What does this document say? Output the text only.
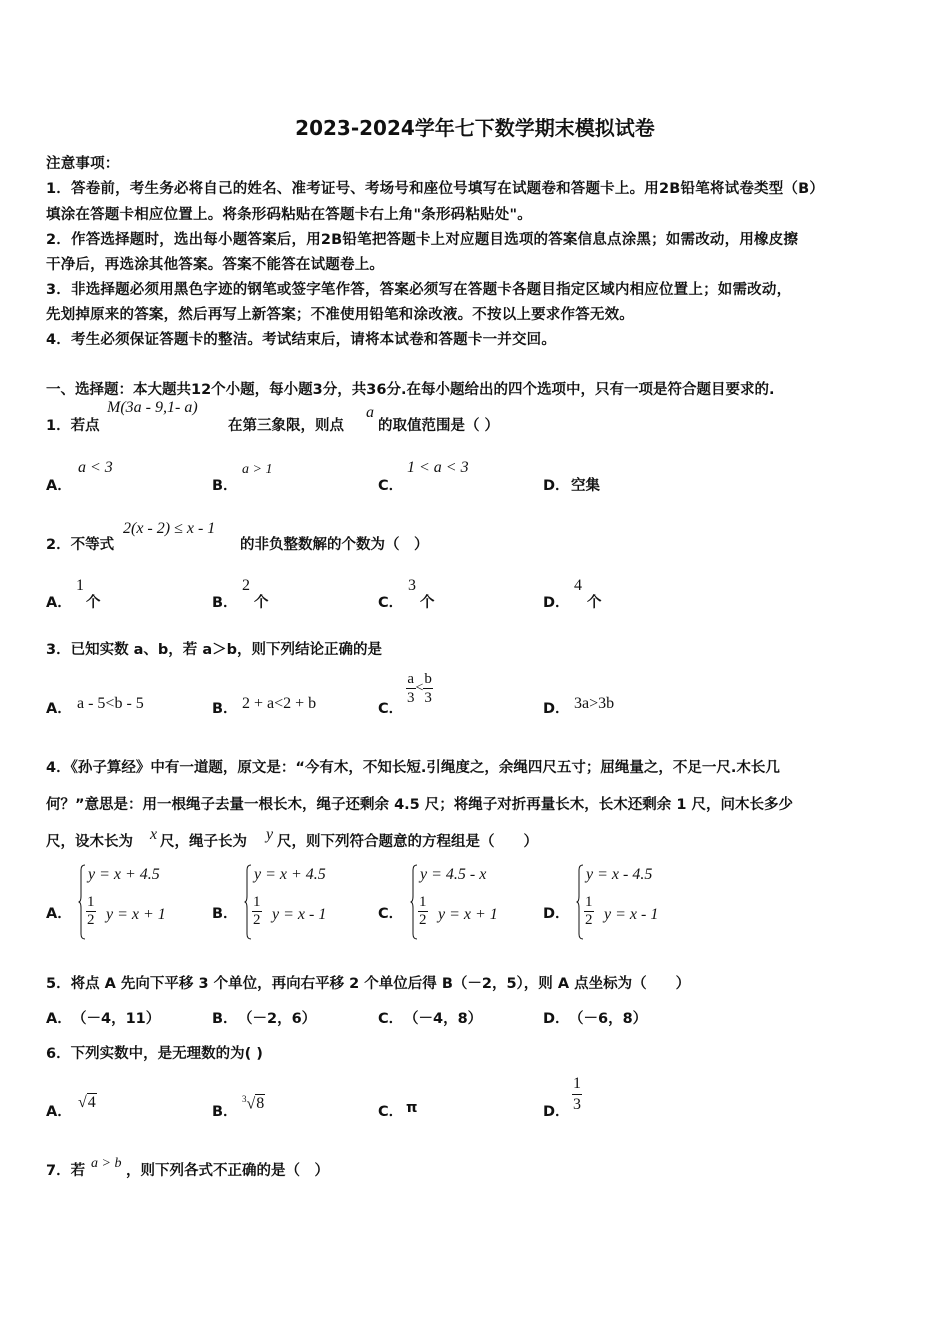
2023-2024学年七下数学期末模拟试卷
注意事项：
1．答卷前，考生务必将自己的姓名、准考证号、考场号和座位号填写在试题卷和答题卡上。用2B铅笔将试卷类型（B）
填涂在答题卡相应位置上。将条形码粘贴在答题卡右上角"条形码粘贴处"。
2．作答选择题时，选出每小题答案后，用2B铅笔把答题卡上对应题目选项的答案信息点涂黑；如需改动，用橡皮擦
干净后，再选涂其他答案。答案不能答在试题卷上。
3．非选择题必须用黑色字迹的钢笔或签字笔作答，答案必须写在答题卡各题目指定区域内相应位置上；如需改动，
先划掉原来的答案，然后再写上新答案；不准使用铅笔和涂改液。不按以上要求作答无效。
4．考生必须保证答题卡的整洁。考试结束后，请将本试卷和答题卡一并交回。
一、选择题：本大题共12个小题，每小题3分，共36分.在每小题给出的四个选项中，只有一项是符合题目要求的.
1．若点
M(3a - 9,1- a)
在第三象限，则点
a
的取值范围是（ ）
A．
a < 3
B．
a > 1
C．
1 < a < 3
D． 空集
2．不等式
2(x - 2) ≤ x - 1
的非负整数解的个数为（　）
A．
1
个	B．
2
个	C．
3
个	D．
4
个
3．已知实数 a、b，若 a＞b，则下列结论正确的是
A． a - 5<b - 5	B． 2 + a<2 + b	C．
$\frac{a}{3} < \frac{b}{3}$
D． 3a>3b
4．《孙子算经》中有一道题，原文是：“今有木，不知长短.引绳度之，余绳四尺五寸；屈绳量之，不足一尺.木长几
何？”意思是：用一根绳子去量一根长木，绳子还剩余 4.5 尺；将绳子对折再量长木，长木还剩余 1 尺，问木长多少
尺，设木长为 x 尺，绳子长为 y 尺，则下列符合题意的方程组是（　　）
A．
y = x + 4.5
$\frac{1}{2}$ y = x + 1	B．
y = x + 4.5
$\frac{1}{2}$ y = x - 1	C．
y = 4.5 - x
$\frac{1}{2}$ y = x + 1	D．
y = x - 4.5
$\frac{1}{2}$ y = x - 1
5．将点 A 先向下平移 3 个单位，再向右平移 2 个单位后得 B（－2，5），则 A 点坐标为（　　）
A． （－4，11）	B． （－2，6）	C． （－4，8）	D． （－6，8）
6．下列实数中，是无理数的为( )
A．
√4
B．
$^3$√8	C． π	D． $\frac{1}{3}$
7．若 a > b ，则下列各式不正确的是（　）
